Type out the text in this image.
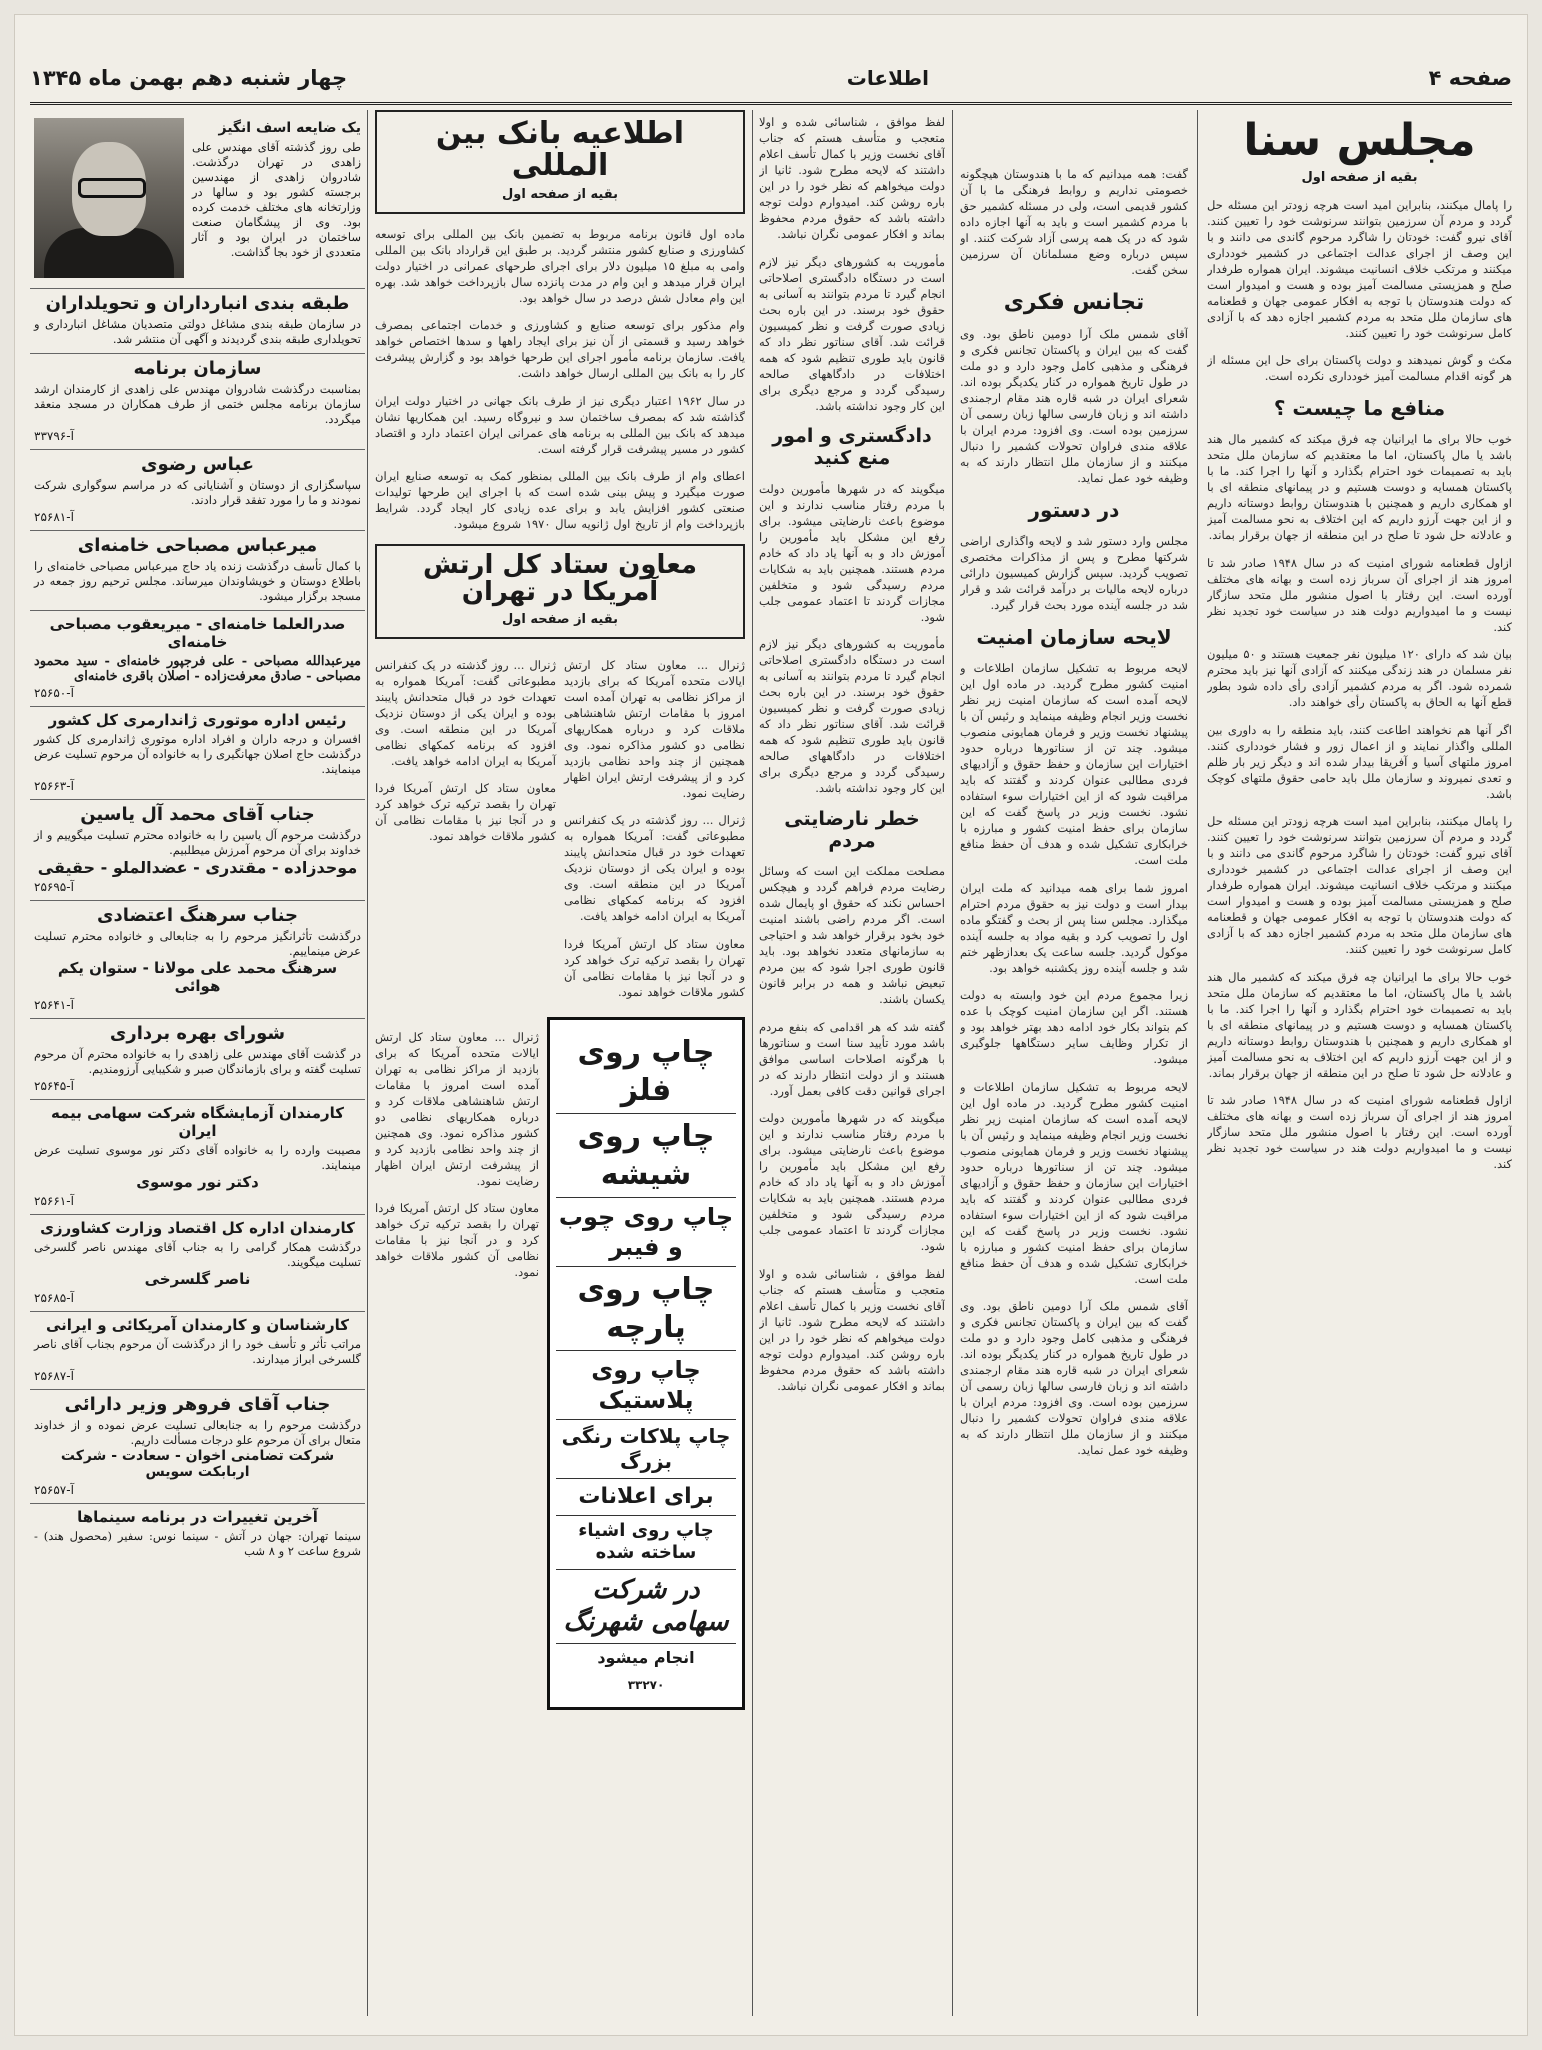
صفحه ۴
اطلاعات
چهار شنبه دهم بهمن ماه ۱۳۴۵
مجلس سنا
بقیه از صفحه اول

را پامال میکنند، بنابراین امید است هرچه زودتر این مسئله حل گردد و مردم آن سرزمین بتوانند سرنوشت خود را تعیین کنند. آقای نیرو گفت: خودتان را شاگرد مرحوم گاندی می دانند و با این وصف از اجرای عدالت اجتماعی در کشمیر خودداری میکنند و مرتکب خلاف انسانیت میشوند. ایران همواره طرفدار صلح و همزیستی مسالمت آمیز بوده و هست و امیدوار است که دولت هندوستان با توجه به افکار عمومی جهان و قطعنامه های سازمان ملل متحد به مردم کشمیر اجازه دهد که با آزادی کامل سرنوشت خود را تعیین کنند.

مکث و گوش نمیدهند و دولت پاکستان برای حل این مسئله از هر گونه اقدام مسالمت آمیز خودداری نکرده است.

منافع ما چیست ؟

خوب حالا برای ما ایرانیان چه فرق میکند که کشمیر مال هند باشد یا مال پاکستان، اما ما معتقدیم که سازمان ملل متحد باید به تصمیمات خود احترام بگذارد و آنها را اجرا کند. ما با پاکستان همسایه و دوست هستیم و در پیمانهای منطقه ای با او همکاری داریم و همچنین با هندوستان روابط دوستانه داریم و از این جهت آرزو داریم که این اختلاف به نحو مسالمت آمیز و عادلانه حل شود تا صلح در این منطقه از جهان برقرار بماند.

ازاول قطعنامه شورای امنیت که در سال ۱۹۴۸ صادر شد تا امروز هند از اجرای آن سرباز زده است و بهانه های مختلف آورده است. این رفتار با اصول منشور ملل متحد سازگار نیست و ما امیدواریم دولت هند در سیاست خود تجدید نظر کند.

بیان شد که دارای ۱۲۰ میلیون نفر جمعیت هستند و ۵۰ میلیون نفر مسلمان در هند زندگی میکنند که آزادی آنها نیز باید محترم شمرده شود. اگر به مردم کشمیر آزادی رأی داده شود بطور قطع آنها به الحاق به پاکستان رأی خواهند داد.

اگر آنها هم نخواهند اطاعت کنند، باید منطقه را به داوری بین المللی واگذار نمایند و از اعمال زور و فشار خودداری کنند. امروز ملتهای آسیا و آفریقا بیدار شده اند و دیگر زیر بار ظلم و تعدی نمیروند و سازمان ملل باید حامی حقوق ملتهای کوچک باشد.

را پامال میکنند، بنابراین امید است هرچه زودتر این مسئله حل گردد و مردم آن سرزمین بتوانند سرنوشت خود را تعیین کنند. آقای نیرو گفت: خودتان را شاگرد مرحوم گاندی می دانند و با این وصف از اجرای عدالت اجتماعی در کشمیر خودداری میکنند و مرتکب خلاف انسانیت میشوند. ایران همواره طرفدار صلح و همزیستی مسالمت آمیز بوده و هست و امیدوار است که دولت هندوستان با توجه به افکار عمومی جهان و قطعنامه های سازمان ملل متحد به مردم کشمیر اجازه دهد که با آزادی کامل سرنوشت خود را تعیین کنند.

خوب حالا برای ما ایرانیان چه فرق میکند که کشمیر مال هند باشد یا مال پاکستان، اما ما معتقدیم که سازمان ملل متحد باید به تصمیمات خود احترام بگذارد و آنها را اجرا کند. ما با پاکستان همسایه و دوست هستیم و در پیمانهای منطقه ای با او همکاری داریم و همچنین با هندوستان روابط دوستانه داریم و از این جهت آرزو داریم که این اختلاف به نحو مسالمت آمیز و عادلانه حل شود تا صلح در این منطقه از جهان برقرار بماند.

ازاول قطعنامه شورای امنیت که در سال ۱۹۴۸ صادر شد تا امروز هند از اجرای آن سرباز زده است و بهانه های مختلف آورده است. این رفتار با اصول منشور ملل متحد سازگار نیست و ما امیدواریم دولت هند در سیاست خود تجدید نظر کند.

گفت: همه میدانیم که ما با هندوستان هیچگونه خصومتی نداریم و روابط فرهنگی ما با آن کشور قدیمی است، ولی در مسئله کشمیر حق با مردم کشمیر است و باید به آنها اجازه داده شود که در یک همه پرسی آزاد شرکت کنند. او سپس درباره وضع مسلمانان آن سرزمین سخن گفت.

تجانس فکری

آقای شمس ملک آرا دومین ناطق بود. وی گفت که بین ایران و پاکستان تجانس فکری و فرهنگی و مذهبی کامل وجود دارد و دو ملت در طول تاریخ همواره در کنار یکدیگر بوده اند. شعرای ایران در شبه قاره هند مقام ارجمندی داشته اند و زبان فارسی سالها زبان رسمی آن سرزمین بوده است. وی افزود: مردم ایران با علاقه مندی فراوان تحولات کشمیر را دنبال میکنند و از سازمان ملل انتظار دارند که به وظیفه خود عمل نماید.

در دستور

مجلس وارد دستور شد و لایحه واگذاری اراضی شرکتها مطرح و پس از مذاکرات مختصری تصویب گردید. سپس گزارش کمیسیون دارائی درباره لایحه مالیات بر درآمد قرائت شد و قرار شد در جلسه آینده مورد بحث قرار گیرد.

لایحه سازمان امنیت

لایحه مربوط به تشکیل سازمان اطلاعات و امنیت کشور مطرح گردید. در ماده اول این لایحه آمده است که سازمان امنیت زیر نظر نخست وزیر انجام وظیفه مینماید و رئیس آن با پیشنهاد نخست وزیر و فرمان همایونی منصوب میشود. چند تن از سناتورها درباره حدود اختیارات این سازمان و حفظ حقوق و آزادیهای فردی مطالبی عنوان کردند و گفتند که باید مراقبت شود که از این اختیارات سوء استفاده نشود. نخست وزیر در پاسخ گفت که این سازمان برای حفظ امنیت کشور و مبارزه با خرابکاری تشکیل شده و هدف آن حفظ منافع ملت است.

امروز شما برای همه میدانید که ملت ایران بیدار است و دولت نیز به حقوق مردم احترام میگذارد. مجلس سنا پس از بحث و گفتگو ماده اول را تصویب کرد و بقیه مواد به جلسه آینده موکول گردید. جلسه ساعت یک بعدازظهر ختم شد و جلسه آینده روز یکشنبه خواهد بود.

زیرا مجموع مردم این خود وابسته به دولت هستند. اگر این سازمان امنیت کوچک با عده کم بتواند بکار خود ادامه دهد بهتر خواهد بود و از تکرار وظایف سایر دستگاهها جلوگیری میشود.

لایحه مربوط به تشکیل سازمان اطلاعات و امنیت کشور مطرح گردید. در ماده اول این لایحه آمده است که سازمان امنیت زیر نظر نخست وزیر انجام وظیفه مینماید و رئیس آن با پیشنهاد نخست وزیر و فرمان همایونی منصوب میشود. چند تن از سناتورها درباره حدود اختیارات این سازمان و حفظ حقوق و آزادیهای فردی مطالبی عنوان کردند و گفتند که باید مراقبت شود که از این اختیارات سوء استفاده نشود. نخست وزیر در پاسخ گفت که این سازمان برای حفظ امنیت کشور و مبارزه با خرابکاری تشکیل شده و هدف آن حفظ منافع ملت است.

آقای شمس ملک آرا دومین ناطق بود. وی گفت که بین ایران و پاکستان تجانس فکری و فرهنگی و مذهبی کامل وجود دارد و دو ملت در طول تاریخ همواره در کنار یکدیگر بوده اند. شعرای ایران در شبه قاره هند مقام ارجمندی داشته اند و زبان فارسی سالها زبان رسمی آن سرزمین بوده است. وی افزود: مردم ایران با علاقه مندی فراوان تحولات کشمیر را دنبال میکنند و از سازمان ملل انتظار دارند که به وظیفه خود عمل نماید.

لفظ موافق ، شناسائی شده و اولا متعجب و متأسف هستم که جناب آقای نخست وزیر با کمال تأسف اعلام داشتند که لایحه مطرح شود. ثانیا از دولت میخواهم که نظر خود را در این باره روشن کند. امیدوارم دولت توجه داشته باشد که حقوق مردم محفوظ بماند و افکار عمومی نگران نباشد.

مأموریت به کشورهای دیگر نیز لازم است در دستگاه دادگستری اصلاحاتی انجام گیرد تا مردم بتوانند به آسانی به حقوق خود برسند. در این باره بحث زیادی صورت گرفت و نظر کمیسیون قرائت شد. آقای سناتور نظر داد که قانون باید طوری تنظیم شود که همه اختلافات در دادگاههای صالحه رسیدگی گردد و مرجع دیگری برای این کار وجود نداشته باشد.

دادگستری و امور منع کنید

میگویند که در شهرها مأمورین دولت با مردم رفتار مناسب ندارند و این موضوع باعث نارضایتی میشود. برای رفع این مشکل باید مأمورین را آموزش داد و به آنها یاد داد که خادم مردم هستند. همچنین باید به شکایات مردم رسیدگی شود و متخلفین مجازات گردند تا اعتماد عمومی جلب شود.

مأموریت به کشورهای دیگر نیز لازم است در دستگاه دادگستری اصلاحاتی انجام گیرد تا مردم بتوانند به آسانی به حقوق خود برسند. در این باره بحث زیادی صورت گرفت و نظر کمیسیون قرائت شد. آقای سناتور نظر داد که قانون باید طوری تنظیم شود که همه اختلافات در دادگاههای صالحه رسیدگی گردد و مرجع دیگری برای این کار وجود نداشته باشد.

خطر نارضایتی مردم

مصلحت مملکت این است که وسائل رضایت مردم فراهم گردد و هیچکس احساس نکند که حقوق او پایمال شده است. اگر مردم راضی باشند امنیت خود بخود برقرار خواهد شد و احتیاجی به سازمانهای متعدد نخواهد بود. باید قانون طوری اجرا شود که بین مردم تبعیض نباشد و همه در برابر قانون یکسان باشند.

گفته شد که هر اقدامی که بنفع مردم باشد مورد تأیید سنا است و سناتورها با هرگونه اصلاحات اساسی موافق هستند و از دولت انتظار دارند که در اجرای قوانین دقت کافی بعمل آورد.

میگویند که در شهرها مأمورین دولت با مردم رفتار مناسب ندارند و این موضوع باعث نارضایتی میشود. برای رفع این مشکل باید مأمورین را آموزش داد و به آنها یاد داد که خادم مردم هستند. همچنین باید به شکایات مردم رسیدگی شود و متخلفین مجازات گردند تا اعتماد عمومی جلب شود.

لفظ موافق ، شناسائی شده و اولا متعجب و متأسف هستم که جناب آقای نخست وزیر با کمال تأسف اعلام داشتند که لایحه مطرح شود. ثانیا از دولت میخواهم که نظر خود را در این باره روشن کند. امیدوارم دولت توجه داشته باشد که حقوق مردم محفوظ بماند و افکار عمومی نگران نباشد.

اطلاعیه بانک بین المللی
بقیه از صفحه اول

ماده اول قانون برنامه مربوط به تضمین بانک بین المللی برای توسعه کشاورزی و صنایع کشور منتشر گردید. بر طبق این قرارداد بانک بین المللی وامی به مبلغ ۱۵ میلیون دلار برای اجرای طرحهای عمرانی در اختیار دولت ایران قرار میدهد و این وام در مدت پانزده سال بازپرداخت خواهد شد. بهره این وام معادل شش درصد در سال خواهد بود.

وام مذکور برای توسعه صنایع و کشاورزی و خدمات اجتماعی بمصرف خواهد رسید و قسمتی از آن نیز برای ایجاد راهها و سدها اختصاص خواهد یافت. سازمان برنامه مأمور اجرای این طرحها خواهد بود و گزارش پیشرفت کار را به بانک بین المللی ارسال خواهد داشت.

در سال ۱۹۶۲ اعتبار دیگری نیز از طرف بانک جهانی در اختیار دولت ایران گذاشته شد که بمصرف ساختمان سد و نیروگاه رسید. این همکاریها نشان میدهد که بانک بین المللی به برنامه های عمرانی ایران اعتماد دارد و اقتصاد کشور در مسیر پیشرفت قرار گرفته است.

اعطای وام از طرف بانک بین المللی بمنظور کمک به توسعه صنایع ایران صورت میگیرد و پیش بینی شده است که با اجرای این طرحها تولیدات صنعتی کشور افزایش یابد و برای عده زیادی کار ایجاد گردد. شرایط بازپرداخت وام از تاریخ اول ژانویه سال ۱۹۷۰ شروع میشود.

معاون ستاد کل ارتش آمریکا در تهران
بقیه از صفحه اول

ژنرال ... معاون ستاد کل ارتش ایالات متحده آمریکا که برای بازدید از مراکز نظامی به تهران آمده است امروز با مقامات ارتش شاهنشاهی ملاقات کرد و درباره همکاریهای نظامی دو کشور مذاکره نمود. وی همچنین از چند واحد نظامی بازدید کرد و از پیشرفت ارتش ایران اظهار رضایت نمود.

ژنرال ... روز گذشته در یک کنفرانس مطبوعاتی گفت: آمریکا همواره به تعهدات خود در قبال متحدانش پایبند بوده و ایران یکی از دوستان نزدیک آمریکا در این منطقه است. وی افزود که برنامه کمکهای نظامی آمریکا به ایران ادامه خواهد یافت.

معاون ستاد کل ارتش آمریکا فردا تهران را بقصد ترکیه ترک خواهد کرد و در آنجا نیز با مقامات نظامی آن کشور ملاقات خواهد نمود.

ژنرال ... روز گذشته در یک کنفرانس مطبوعاتی گفت: آمریکا همواره به تعهدات خود در قبال متحدانش پایبند بوده و ایران یکی از دوستان نزدیک آمریکا در این منطقه است. وی افزود که برنامه کمکهای نظامی آمریکا به ایران ادامه خواهد یافت.

معاون ستاد کل ارتش آمریکا فردا تهران را بقصد ترکیه ترک خواهد کرد و در آنجا نیز با مقامات نظامی آن کشور ملاقات خواهد نمود.

چاپ روی فلز
چاپ روی شیشه
چاپ روی چوب و فیبر
چاپ روی پارچه
چاپ روی پلاستیک
چاپ پلاکات رنگی بزرگ
برای اعلانات
چاپ روی اشیاء ساخته شده
در شرکت سهامی شهرنگ
انجام میشود
۳۳۲۷۰

ژنرال ... معاون ستاد کل ارتش ایالات متحده آمریکا که برای بازدید از مراکز نظامی به تهران آمده است امروز با مقامات ارتش شاهنشاهی ملاقات کرد و درباره همکاریهای نظامی دو کشور مذاکره نمود. وی همچنین از چند واحد نظامی بازدید کرد و از پیشرفت ارتش ایران اظهار رضایت نمود.

معاون ستاد کل ارتش آمریکا فردا تهران را بقصد ترکیه ترک خواهد کرد و در آنجا نیز با مقامات نظامی آن کشور ملاقات خواهد نمود.

یک ضایعه اسف انگیز

طی روز گذشته آقای مهندس علی زاهدی در تهران درگذشت. شادروان زاهدی از مهندسین برجسته کشور بود و سالها در وزارتخانه های مختلف خدمت کرده بود. وی از پیشگامان صنعت ساختمان در ایران بود و آثار متعددی از خود بجا گذاشت.

طبقه بندی انبارداران و تحویلداران

در سازمان طبقه بندی مشاغل دولتی متصدیان مشاغل انبارداری و تحویلداری طبقه بندی گردیدند و آگهی آن منتشر شد.

سازمان برنامه

بمناسبت درگذشت شادروان مهندس علی زاهدی از کارمندان ارشد سازمان برنامه مجلس ختمی از طرف همکاران در مسجد منعقد میگردد.

آ-۳۳۷۹۶
عباس رضوی

سپاسگزاری از دوستان و آشنایانی که در مراسم سوگواری شرکت نمودند و ما را مورد تفقد قرار دادند.

آ-۲۵۶۸۱
میرعباس مصباحی خامنه‌ای

با کمال تأسف درگذشت زنده یاد حاج میرعباس مصباحی خامنه‌ای را باطلاع دوستان و خویشاوندان میرساند. مجلس ترحیم روز جمعه در مسجد برگزار میشود.

صدرالعلما خامنه‌ای - میریعقوب مصباحی خامنه‌ای

میرعبدالله مصباحی - علی فرجپور خامنه‌ای - سید محمود مصباحی - صادق معرفت‌زاده - اصلان باقری خامنه‌ای

آ-۲۵۶۵۰
رئیس اداره موتوری ژاندارمری کل کشور

افسران و درجه داران و افراد اداره موتوری ژاندارمری کل کشور درگذشت حاج اصلان جهانگیری را به خانواده آن مرحوم تسلیت عرض مینمایند.

آ-۲۵۶۶۳
جناب آقای محمد آل یاسین

درگذشت مرحوم آل یاسین را به خانواده محترم تسلیت میگوییم و از خداوند برای آن مرحوم آمرزش میطلبیم.

موحدزاده - مقتدری - عضدالملو - حقیقی
آ-۲۵۶۹۵
جناب سرهنگ اعتضادی

درگذشت تأثرانگیز مرحوم را به جنابعالی و خانواده محترم تسلیت عرض مینماییم.

سرهنگ محمد علی مولانا - ستوان یکم هوائی
آ-۲۵۶۴۱
شورای بهره برداری

در گذشت آقای مهندس علی زاهدی را به خانواده محترم آن مرحوم تسلیت گفته و برای بازماندگان صبر و شکیبایی آرزومندیم.

آ-۲۵۶۴۵
کارمندان آزمایشگاه شرکت سهامی بیمه ایران

مصیبت وارده را به خانواده آقای دکتر نور موسوی تسلیت عرض مینمایند.

دکتر نور موسوی
آ-۲۵۶۶۱
کارمندان اداره کل اقتصاد وزارت کشاورزی

درگذشت همکار گرامی را به جناب آقای مهندس ناصر گلسرخی تسلیت میگویند.

ناصر گلسرخی
آ-۲۵۶۸۵
کارشناسان و کارمندان آمریکائی و ایرانی

مراتب تأثر و تأسف خود را از درگذشت آن مرحوم بجناب آقای ناصر گلسرخی ابراز میدارند.

آ-۲۵۶۸۷
جناب آقای فروهر وزیر دارائی

درگذشت مرحوم را به جنابعالی تسلیت عرض نموده و از خداوند متعال برای آن مرحوم علو درجات مسألت داریم.

شرکت تضامنی اخوان - سعادت - شرکت اربابکت سویس
آ-۲۵۶۵۷
آخرین تغییرات در برنامه سینماها

سینما تهران: جهان در آتش - سینما نوس: سفیر (محصول هند) - شروع ساعت ۲ و ۸ شب
